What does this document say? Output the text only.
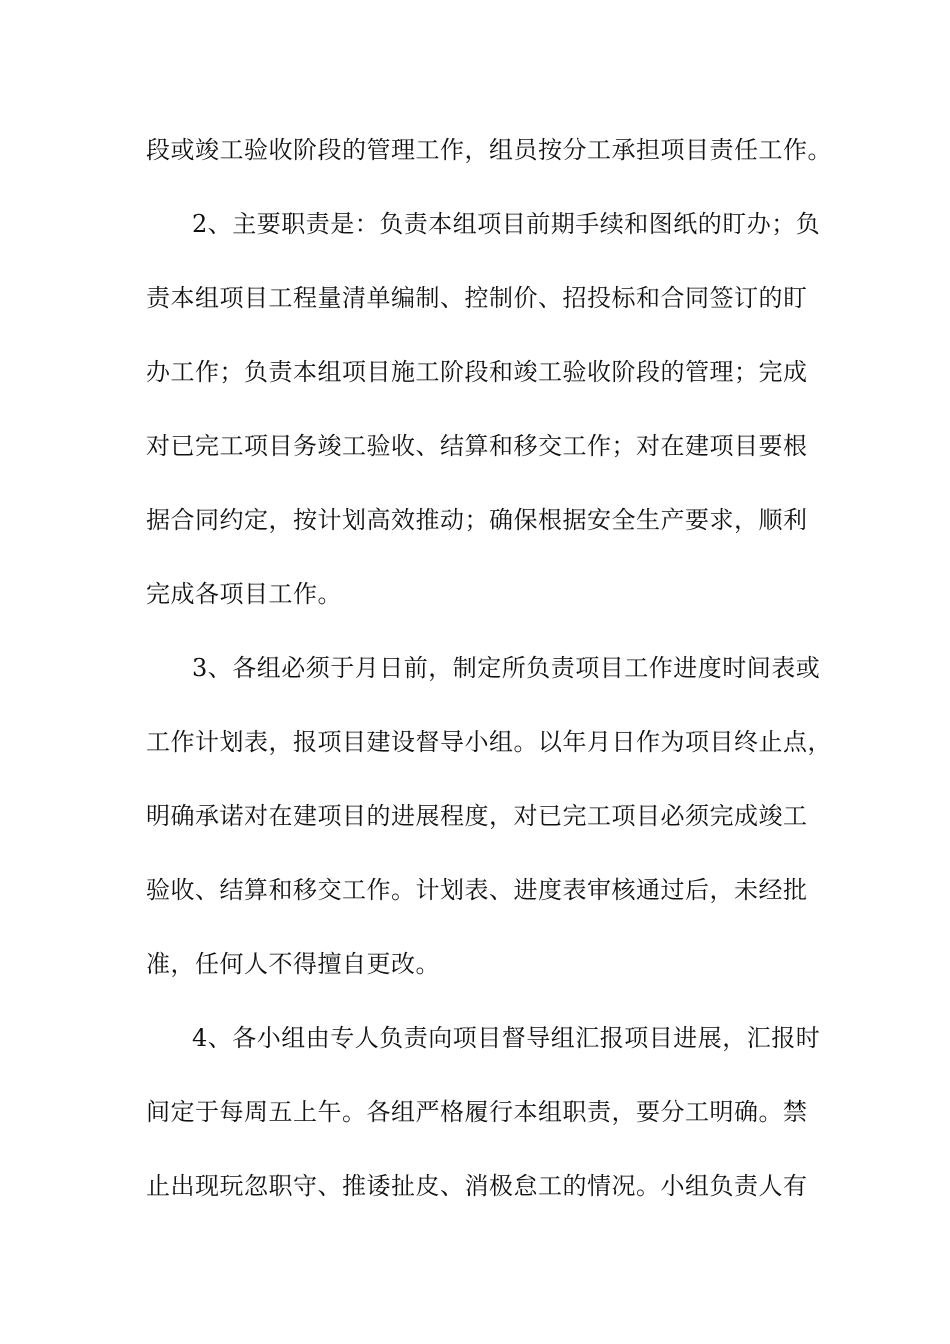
段或竣工验收阶段的管理工作，组员按分工承担项目责任工作。
2、主要职责是：负责本组项目前期手续和图纸的盯办；负
责本组项目工程量清单编制、控制价、招投标和合同签订的盯
办工作；负责本组项目施工阶段和竣工验收阶段的管理；完成
对已完工项目务竣工验收、结算和移交工作；对在建项目要根
据合同约定，按计划高效推动；确保根据安全生产要求，顺利
完成各项目工作。
3、各组必须于月日前，制定所负责项目工作进度时间表或
工作计划表，报项目建设督导小组。以年月日作为项目终止点，
明确承诺对在建项目的进展程度，对已完工项目必须完成竣工
验收、结算和移交工作。计划表、进度表审核通过后，未经批
准，任何人不得擅自更改。
4、各小组由专人负责向项目督导组汇报项目进展，汇报时
间定于每周五上午。各组严格履行本组职责，要分工明确。禁
止出现玩忽职守、推诿扯皮、消极怠工的情况。小组负责人有
